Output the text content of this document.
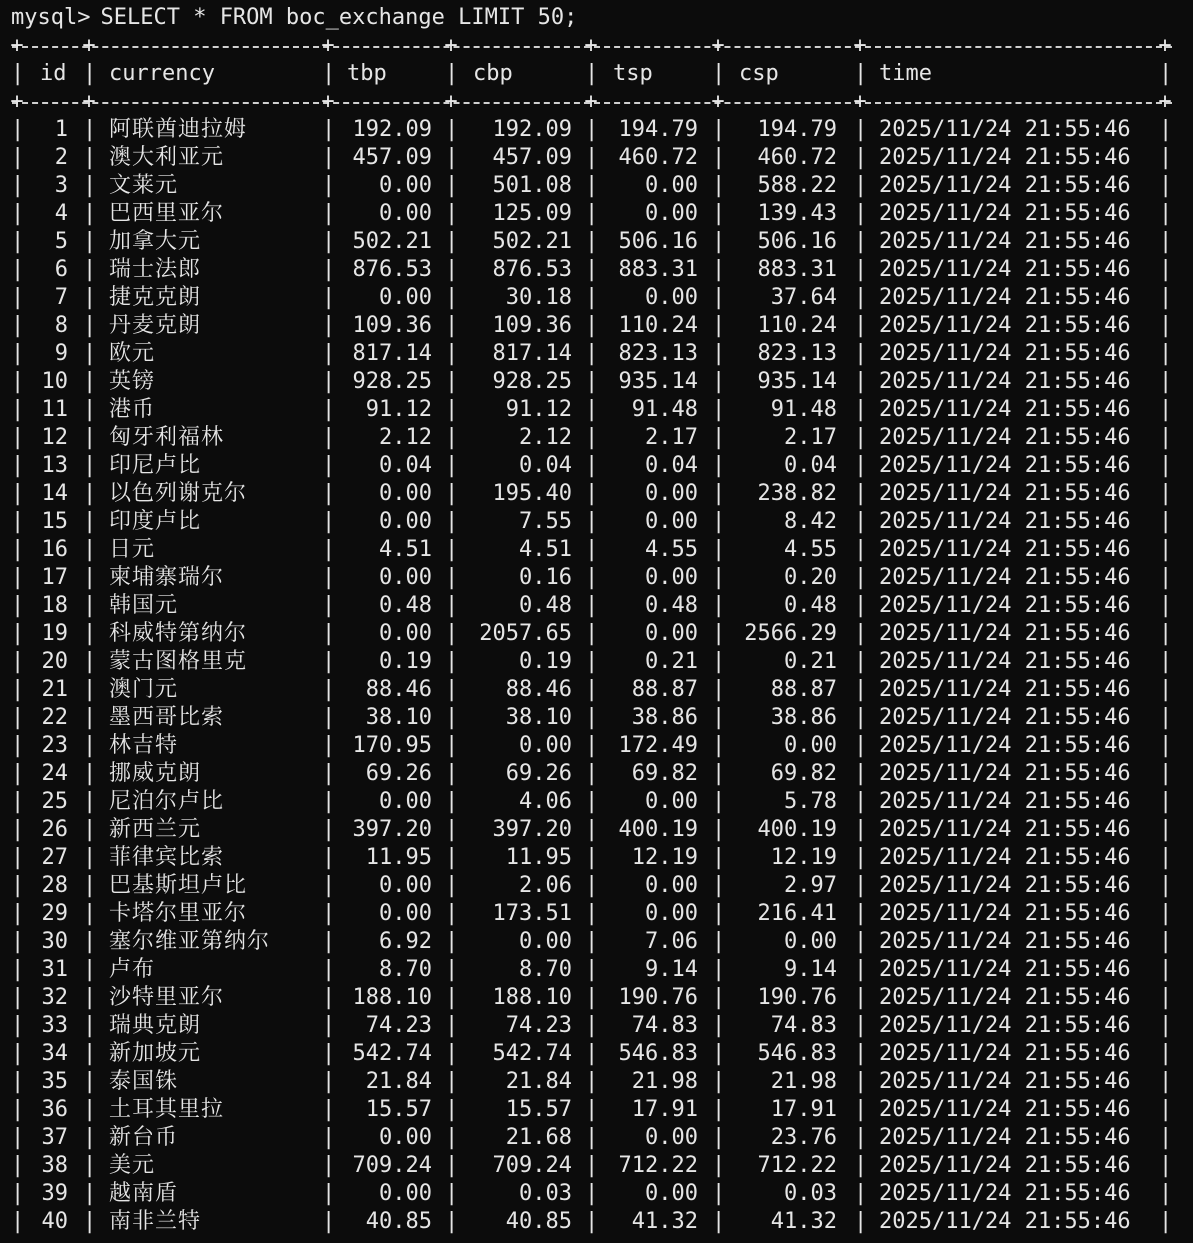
mysql> SELECT * FROM boc_exchange LIMIT 50;
+	+	+	+	+	+	+	+
|	|	|	|	|	|	|	|
id currency	tbp	cbp	tsp	csp	time
+	+	+	+	+	+	+	+
|	|	|	|	|	|	|	|
1 阿联酋迪拉姆	192.09	192.09	194.79	194.79 2025/11/24 21:55:46
|	|	|	|	|	|	|	|
2 澳大利亚元	457.09	457.09	460.72	460.72 2025/11/24 21:55:46
|	|	|	|	|	|	|	|
3 文莱元	0.00	501.08	0.00	588.22 2025/11/24 21:55:46
|	|	|	|	|	|	|	|
4 巴西里亚尔	0.00	125.09	0.00	139.43 2025/11/24 21:55:46
|	|	|	|	|	|	|	|
5 加拿大元	502.21	502.21	506.16	506.16 2025/11/24 21:55:46
|	|	|	|	|	|	|	|
6 瑞士法郎	876.53	876.53	883.31	883.31 2025/11/24 21:55:46
|	|	|	|	|	|	|	|
7 捷克克朗	0.00	30.18	0.00	37.64 2025/11/24 21:55:46
|	|	|	|	|	|	|	|
8 丹麦克朗	109.36	109.36	110.24	110.24 2025/11/24 21:55:46
|	|	|	|	|	|	|	|
9 欧元	817.14	817.14	823.13	823.13 2025/11/24 21:55:46
|	|	|	|	|	|	|	|
10 英镑	928.25	928.25	935.14	935.14 2025/11/24 21:55:46
|	|	|	|	|	|	|	|
11 港币	91.12	91.12	91.48	91.48 2025/11/24 21:55:46
|	|	|	|	|	|	|	|
12 匈牙利福林	2.12	2.12	2.17	2.17 2025/11/24 21:55:46
|	|	|	|	|	|	|	|
13 印尼卢比	0.04	0.04	0.04	0.04 2025/11/24 21:55:46
|	|	|	|	|	|	|	|
14 以色列谢克尔	0.00	195.40	0.00	238.82 2025/11/24 21:55:46
|	|	|	|	|	|	|	|
15 印度卢比	0.00	7.55	0.00	8.42 2025/11/24 21:55:46
|	|	|	|	|	|	|	|
16 日元	4.51	4.51	4.55	4.55 2025/11/24 21:55:46
|	|	|	|	|	|	|	|
17 柬埔寨瑞尔	0.00	0.16	0.00	0.20 2025/11/24 21:55:46
|	|	|	|	|	|	|	|
18 韩国元	0.48	0.48	0.48	0.48 2025/11/24 21:55:46
|	|	|	|	|	|	|	|
19 科威特第纳尔	0.00	2057.65	0.00	2566.29 2025/11/24 21:55:46
|	|	|	|	|	|	|	|
20 蒙古图格里克	0.19	0.19	0.21	0.21 2025/11/24 21:55:46
|	|	|	|	|	|	|	|
21 澳门元	88.46	88.46	88.87	88.87 2025/11/24 21:55:46
|	|	|	|	|	|	|	|
22 墨西哥比索	38.10	38.10	38.86	38.86 2025/11/24 21:55:46
|	|	|	|	|	|	|	|
23 林吉特	170.95	0.00	172.49	0.00 2025/11/24 21:55:46
|	|	|	|	|	|	|	|
24 挪威克朗	69.26	69.26	69.82	69.82 2025/11/24 21:55:46
|	|	|	|	|	|	|	|
25 尼泊尔卢比	0.00	4.06	0.00	5.78 2025/11/24 21:55:46
|	|	|	|	|	|	|	|
26 新西兰元	397.20	397.20	400.19	400.19 2025/11/24 21:55:46
|	|	|	|	|	|	|	|
27 菲律宾比索	11.95	11.95	12.19	12.19 2025/11/24 21:55:46
|	|	|	|	|	|	|	|
28 巴基斯坦卢比	0.00	2.06	0.00	2.97 2025/11/24 21:55:46
|	|	|	|	|	|	|	|
29 卡塔尔里亚尔	0.00	173.51	0.00	216.41 2025/11/24 21:55:46
|	|	|	|	|	|	|	|
30 塞尔维亚第纳尔	6.92	0.00	7.06	0.00 2025/11/24 21:55:46
|	|	|	|	|	|	|	|
31 卢布	8.70	8.70	9.14	9.14 2025/11/24 21:55:46
|	|	|	|	|	|	|	|
32 沙特里亚尔	188.10	188.10	190.76	190.76 2025/11/24 21:55:46
|	|	|	|	|	|	|	|
33 瑞典克朗	74.23	74.23	74.83	74.83 2025/11/24 21:55:46
|	|	|	|	|	|	|	|
34 新加坡元	542.74	542.74	546.83	546.83 2025/11/24 21:55:46
|	|	|	|	|	|	|	|
35 泰国铢	21.84	21.84	21.98	21.98 2025/11/24 21:55:46
|	|	|	|	|	|	|	|
36 土耳其里拉	15.57	15.57	17.91	17.91 2025/11/24 21:55:46
|	|	|	|	|	|	|	|
37 新台币	0.00	21.68	0.00	23.76 2025/11/24 21:55:46
|	|	|	|	|	|	|	|
38 美元	709.24	709.24	712.22	712.22 2025/11/24 21:55:46
|	|	|	|	|	|	|	|
39 越南盾	0.00	0.03	0.00	0.03 2025/11/24 21:55:46
|	|	|	|	|	|	|	|
40 南非兰特	40.85	40.85	41.32	41.32 2025/11/24 21:55:46
